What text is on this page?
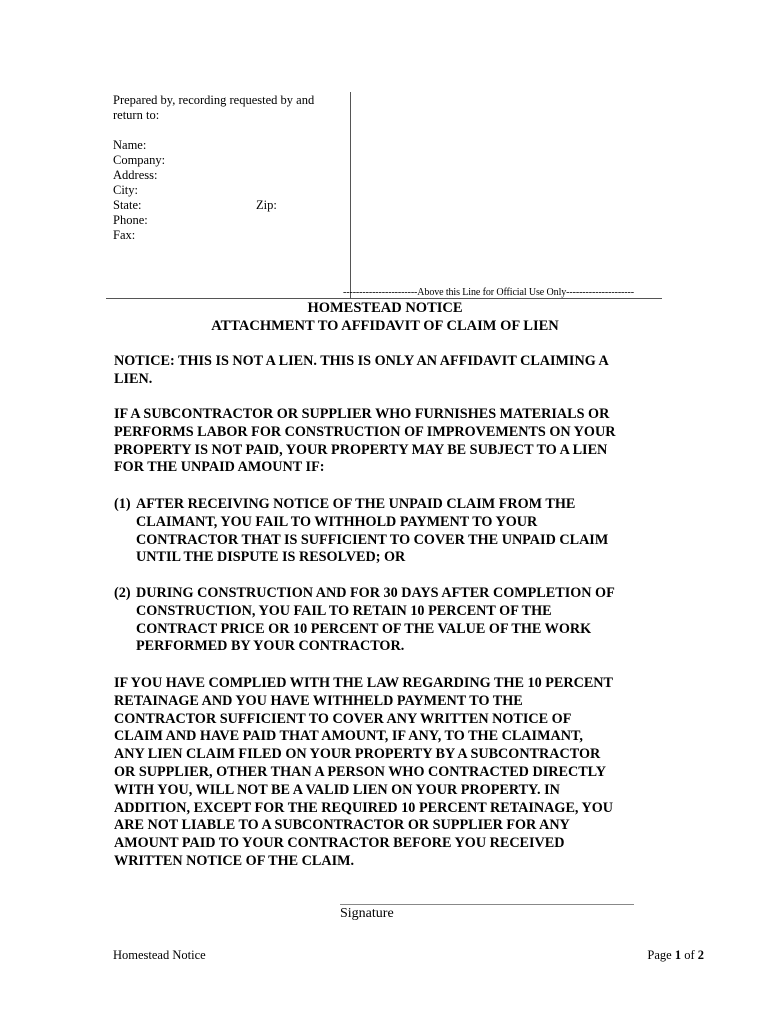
Prepared by, recording requested by and
return to:
Name:
Company:
Address:
City:
State:	Zip:
Phone:
Fax:
-----------------------Above this Line for Official Use Only---------------------
HOMESTEAD NOTICE
ATTACHMENT TO AFFIDAVIT OF CLAIM OF LIEN

NOTICE: THIS IS NOT A LIEN. THIS IS ONLY AN AFFIDAVIT CLAIMING A
LIEN.

IF A SUBCONTRACTOR OR SUPPLIER WHO FURNISHES MATERIALS OR
PERFORMS LABOR FOR CONSTRUCTION OF IMPROVEMENTS ON YOUR
PROPERTY IS NOT PAID, YOUR PROPERTY MAY BE SUBJECT TO A LIEN
FOR THE UNPAID AMOUNT IF:

(1) AFTER RECEIVING NOTICE OF THE UNPAID CLAIM FROM THE
CLAIMANT, YOU FAIL TO WITHHOLD PAYMENT TO YOUR
CONTRACTOR THAT IS SUFFICIENT TO COVER THE UNPAID CLAIM
UNTIL THE DISPUTE IS RESOLVED; OR
(2) DURING CONSTRUCTION AND FOR 30 DAYS AFTER COMPLETION OF
CONSTRUCTION, YOU FAIL TO RETAIN 10 PERCENT OF THE
CONTRACT PRICE OR 10 PERCENT OF THE VALUE OF THE WORK
PERFORMED BY YOUR CONTRACTOR.

IF YOU HAVE COMPLIED WITH THE LAW REGARDING THE 10 PERCENT
RETAINAGE AND YOU HAVE WITHHELD PAYMENT TO THE
CONTRACTOR SUFFICIENT TO COVER ANY WRITTEN NOTICE OF
CLAIM AND HAVE PAID THAT AMOUNT, IF ANY, TO THE CLAIMANT,
ANY LIEN CLAIM FILED ON YOUR PROPERTY BY A SUBCONTRACTOR
OR SUPPLIER, OTHER THAN A PERSON WHO CONTRACTED DIRECTLY
WITH YOU, WILL NOT BE A VALID LIEN ON YOUR PROPERTY. IN
ADDITION, EXCEPT FOR THE REQUIRED 10 PERCENT RETAINAGE, YOU
ARE NOT LIABLE TO A SUBCONTRACTOR OR SUPPLIER FOR ANY
AMOUNT PAID TO YOUR CONTRACTOR BEFORE YOU RECEIVED
WRITTEN NOTICE OF THE CLAIM.

Signature
Homestead Notice	Page 1 of 2
